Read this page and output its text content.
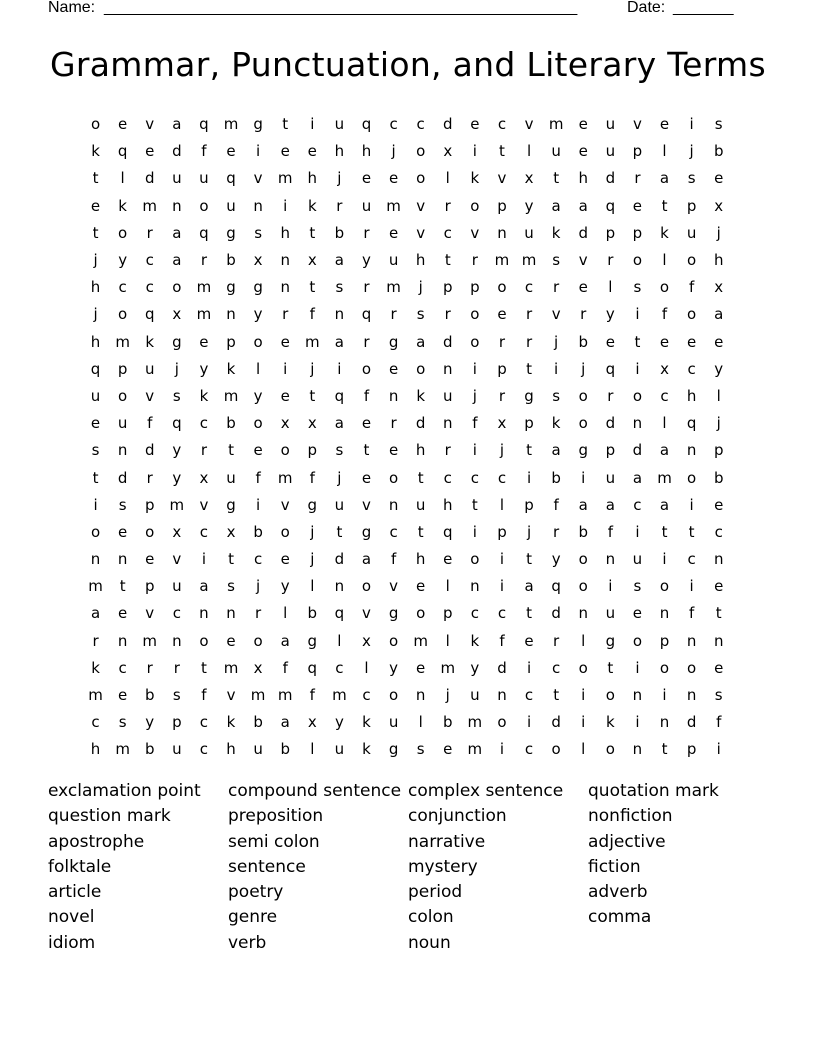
Name: _______________________________________________________	Date: _______
Grammar, Punctuation, and Literary Terms
o	e	v	a	q	m	g	t	i	u	q	c	c	d	e	c	v	m	e	u	v	e	i	s
k	q	e	d	f	e	i	e	e	h	h	j	o	x	i	t	l	u	e	u	p	l	j	b
t	l	d	u	u	q	v	m	h	j	e	e	o	l	k	v	x	t	h	d	r	a	s	e
e	k	m	n	o	u	n	i	k	r	u	m	v	r	o	p	y	a	a	q	e	t	p	x
t	o	r	a	q	g	s	h	t	b	r	e	v	c	v	n	u	k	d	p	p	k	u	j
j	y	c	a	r	b	x	n	x	a	y	u	h	t	r	m m	s	v	r	o	l	o	h
h	c	c	o	m	g	g	n	t	s	r	m	j	p	p	o	c	r	e	l	s	o	f	x
j	o	q	x	m	n	y	r	f	n	q	r	s	r	o	e	r	v	r	y	i	f	o	a
h	m	k	g	e	p	o	e	m	a	r	g	a	d	o	r	r	j	b	e	t	e	e	e
q	p	u	j	y	k	l	i	j	i	o	e	o	n	i	p	t	i	j	q	i	x	c	y
u	o	v	s	k	m	y	e	t	q	f	n	k	u	j	r	g	s	o	r	o	c	h	l
e	u	f	q	c	b	o	x	x	a	e	r	d	n	f	x	p	k	o	d	n	l	q	j
s	n	d	y	r	t	e	o	p	s	t	e	h	r	i	j	t	a	g	p	d	a	n	p
t	d	r	y	x	u	f	m	f	j	e	o	t	c	c	c	i	b	i	u	a	m	o	b
i	s	p	m	v	g	i	v	g	u	v	n	u	h	t	l	p	f	a	a	c	a	i	e
o	e	o	x	c	x	b	o	j	t	g	c	t	q	i	p	j	r	b	f	i	t	t	c
n	n	e	v	i	t	c	e	j	d	a	f	h	e	o	i	t	y	o	n	u	i	c	n
m	t	p	u	a	s	j	y	l	n	o	v	e	l	n	i	a	q	o	i	s	o	i	e
a	e	v	c	n	n	r	l	b	q	v	g	o	p	c	c	t	d	n	u	e	n	f	t
r	n	m	n	o	e	o	a	g	l	x	o	m	l	k	f	e	r	l	g	o	p	n	n
k	c	r	r	t	m	x	f	q	c	l	y	e	m	y	d	i	c	o	t	i	o	o	e
m	e	b	s	f	v	m m	f	m	c	o	n	j	u	n	c	t	i	o	n	i	n	s
c	s	y	p	c	k	b	a	x	y	k	u	l	b	m	o	i	d	i	k	i	n	d	f
h	m	b	u	c	h	u	b	l	u	k	g	s	e	m	i	c	o	l	o	n	t	p	i
exclamation point
question mark
apostrophe
folktale
article
novel
idiom
compound sentence
preposition
semi colon
sentence
poetry
genre
verb
complex sentence
conjunction
narrative
mystery
period
colon
noun
quotation mark
nonfiction
adjective
fiction
adverb
comma
